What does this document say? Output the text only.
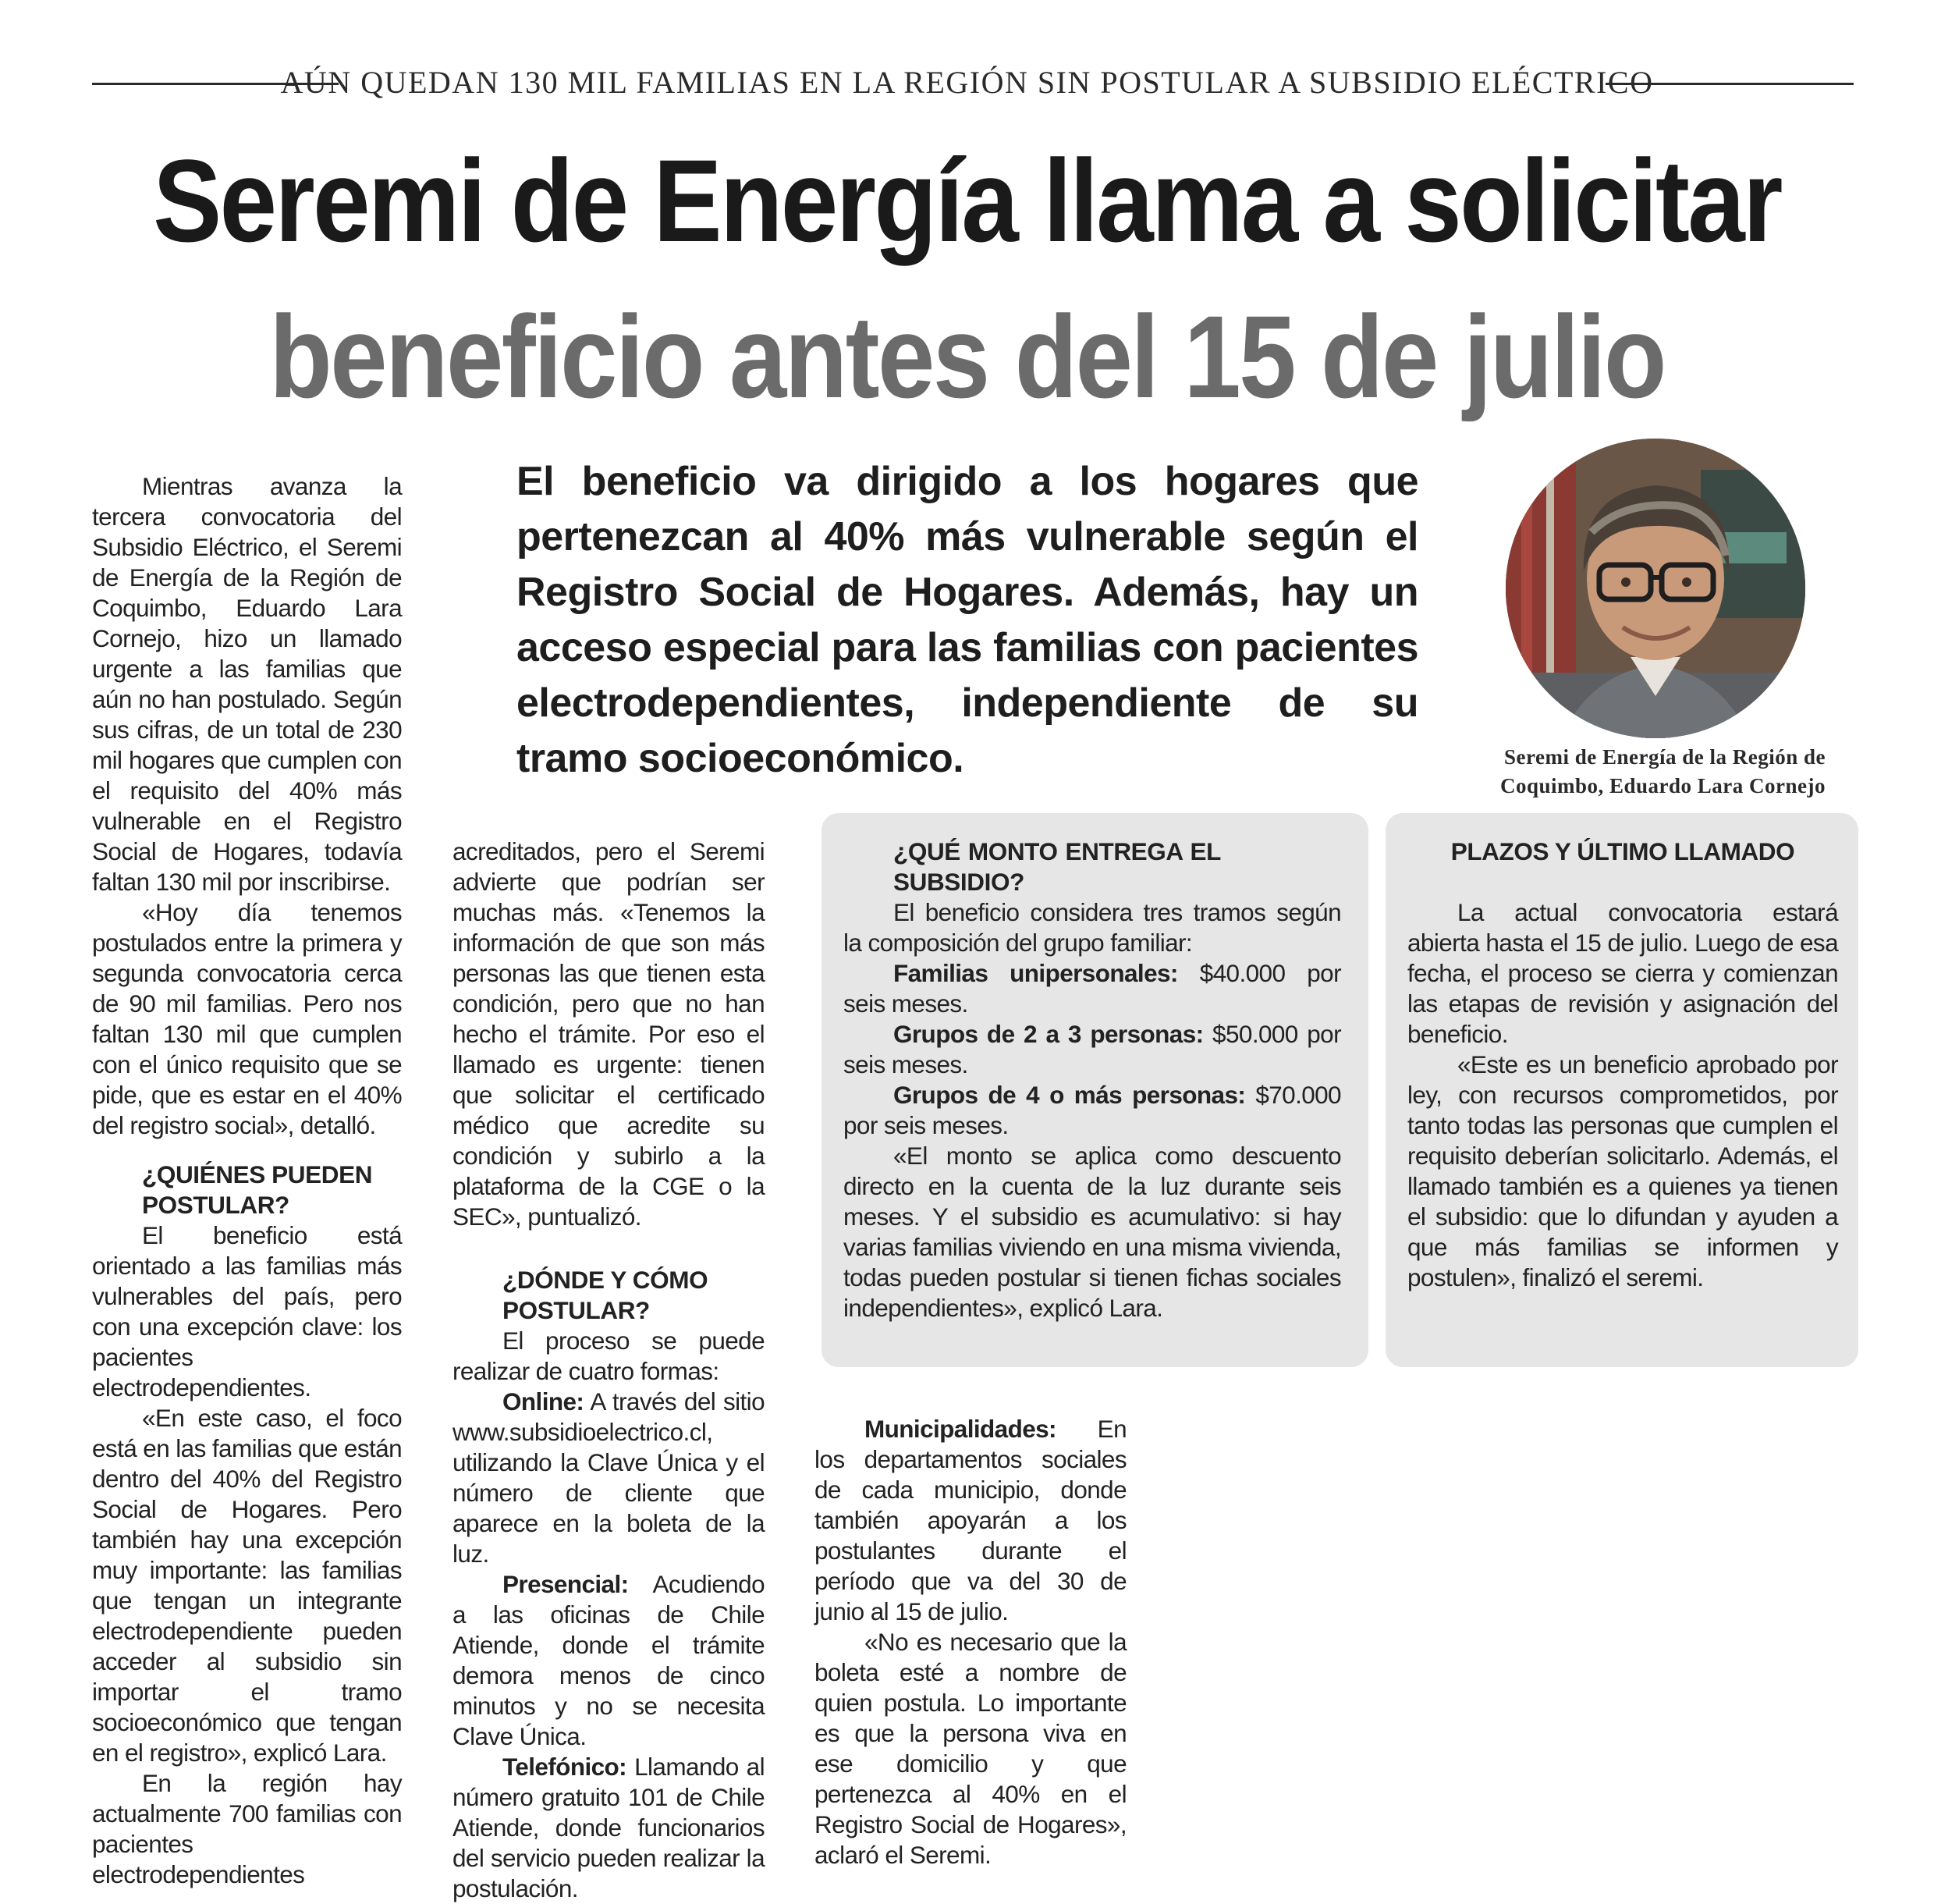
AÚN QUEDAN 130 MIL FAMILIAS EN LA REGIÓN SIN POSTULAR A SUBSIDIO ELÉCTRICO
Seremi de Energía llama a solicitar
beneficio antes del 15 de julio

El beneficio va dirigido a los hogares que pertenezcan al 40% más vulnerable según el Registro Social de Hogares. Además, hay un acceso especial para las familias con pacientes electrodependientes, independiente de su tramo socioeconómico.	Seremi de Energía de la Región de
Coquimbo, Eduardo Lara Cornejo

Mientras avanza la tercera convocatoria del Subsidio Eléctrico, el Seremi de Energía de la Región de Coquimbo, Eduardo Lara Cornejo, hizo un llamado urgente a las familias que aún no han postulado. Según sus cifras, de un total de 230 mil hogares que cumplen con el requisito del 40% más vulnerable en el Registro Social de Hogares, todavía faltan 130 mil por inscribirse.

«Hoy día tenemos postulados entre la primera y segunda convocatoria cerca de 90 mil familias. Pero nos faltan 130 mil que cumplen con el único requisito que se pide, que es estar en el 40% del registro social», detalló.

¿QUIÉNES PUEDEN POSTULAR?

El beneficio está orientado a las familias más vulnerables del país, pero con una excepción clave: los pacientes electrodependientes.

«En este caso, el foco está en las familias que están dentro del 40% del Registro Social de Hogares. Pero también hay una excepción muy importante: las familias que tengan un integrante electrodependiente pueden acceder al subsidio sin importar el tramo socioeconómico que tengan en el registro», explicó Lara.

En la región hay actualmente 700 familias con pacientes electrodependientes

acreditados, pero el Seremi advierte que podrían ser muchas más. «Tenemos la información de que son más personas las que tienen esta condición, pero que no han hecho el trámite. Por eso el llamado es urgente: tienen que solicitar el certificado médico que acredite su condición y subirlo a la plataforma de la CGE o la SEC», puntualizó.

¿DÓNDE Y CÓMO POSTULAR?

El proceso se puede realizar de cuatro formas:

Online: A través del sitio www.subsidioelectrico.cl, utilizando la Clave Única y el número de cliente que aparece en la boleta de la luz.

Presencial: Acudiendo a las oficinas de Chile Atiende, donde el trámite demora menos de cinco minutos y no se necesita Clave Única.

Telefónico: Llamando al número gratuito 101 de Chile Atiende, donde funcionarios del servicio pueden realizar la postulación.

Municipalidades: En los departamentos sociales de cada municipio, donde también apoyarán a los postulantes durante el período que va del 30 de junio al 15 de julio.

«No es necesario que la boleta esté a nombre de quien postula. Lo importante es que la persona viva en ese domicilio y que pertenezca al 40% en el Registro Social de Hogares», aclaró el Seremi.

¿QUÉ MONTO ENTREGA EL SUBSIDIO?

El beneficio considera tres tramos según la composición del grupo familiar:

Familias unipersonales: $40.000 por seis meses.

Grupos de 2 a 3 personas: $50.000 por seis meses.

Grupos de 4 o más personas: $70.000 por seis meses.

«El monto se aplica como descuento directo en la cuenta de la luz durante seis meses. Y el subsidio es acumulativo: si hay varias familias viviendo en una misma vivienda, todas pueden postular si tienen fichas sociales independientes», explicó Lara.

PLAZOS Y ÚLTIMO LLAMADO

La actual convocatoria estará abierta hasta el 15 de julio. Luego de esa fecha, el proceso se cierra y comienzan las etapas de revisión y asignación del beneficio.

«Este es un beneficio aprobado por ley, con recursos comprometidos, por tanto todas las personas que cumplen el requisito deberían solicitarlo. Además, el llamado también es a quienes ya tienen el subsidio: que lo difundan y ayuden a que más familias se informen y postulen», finalizó el seremi.
